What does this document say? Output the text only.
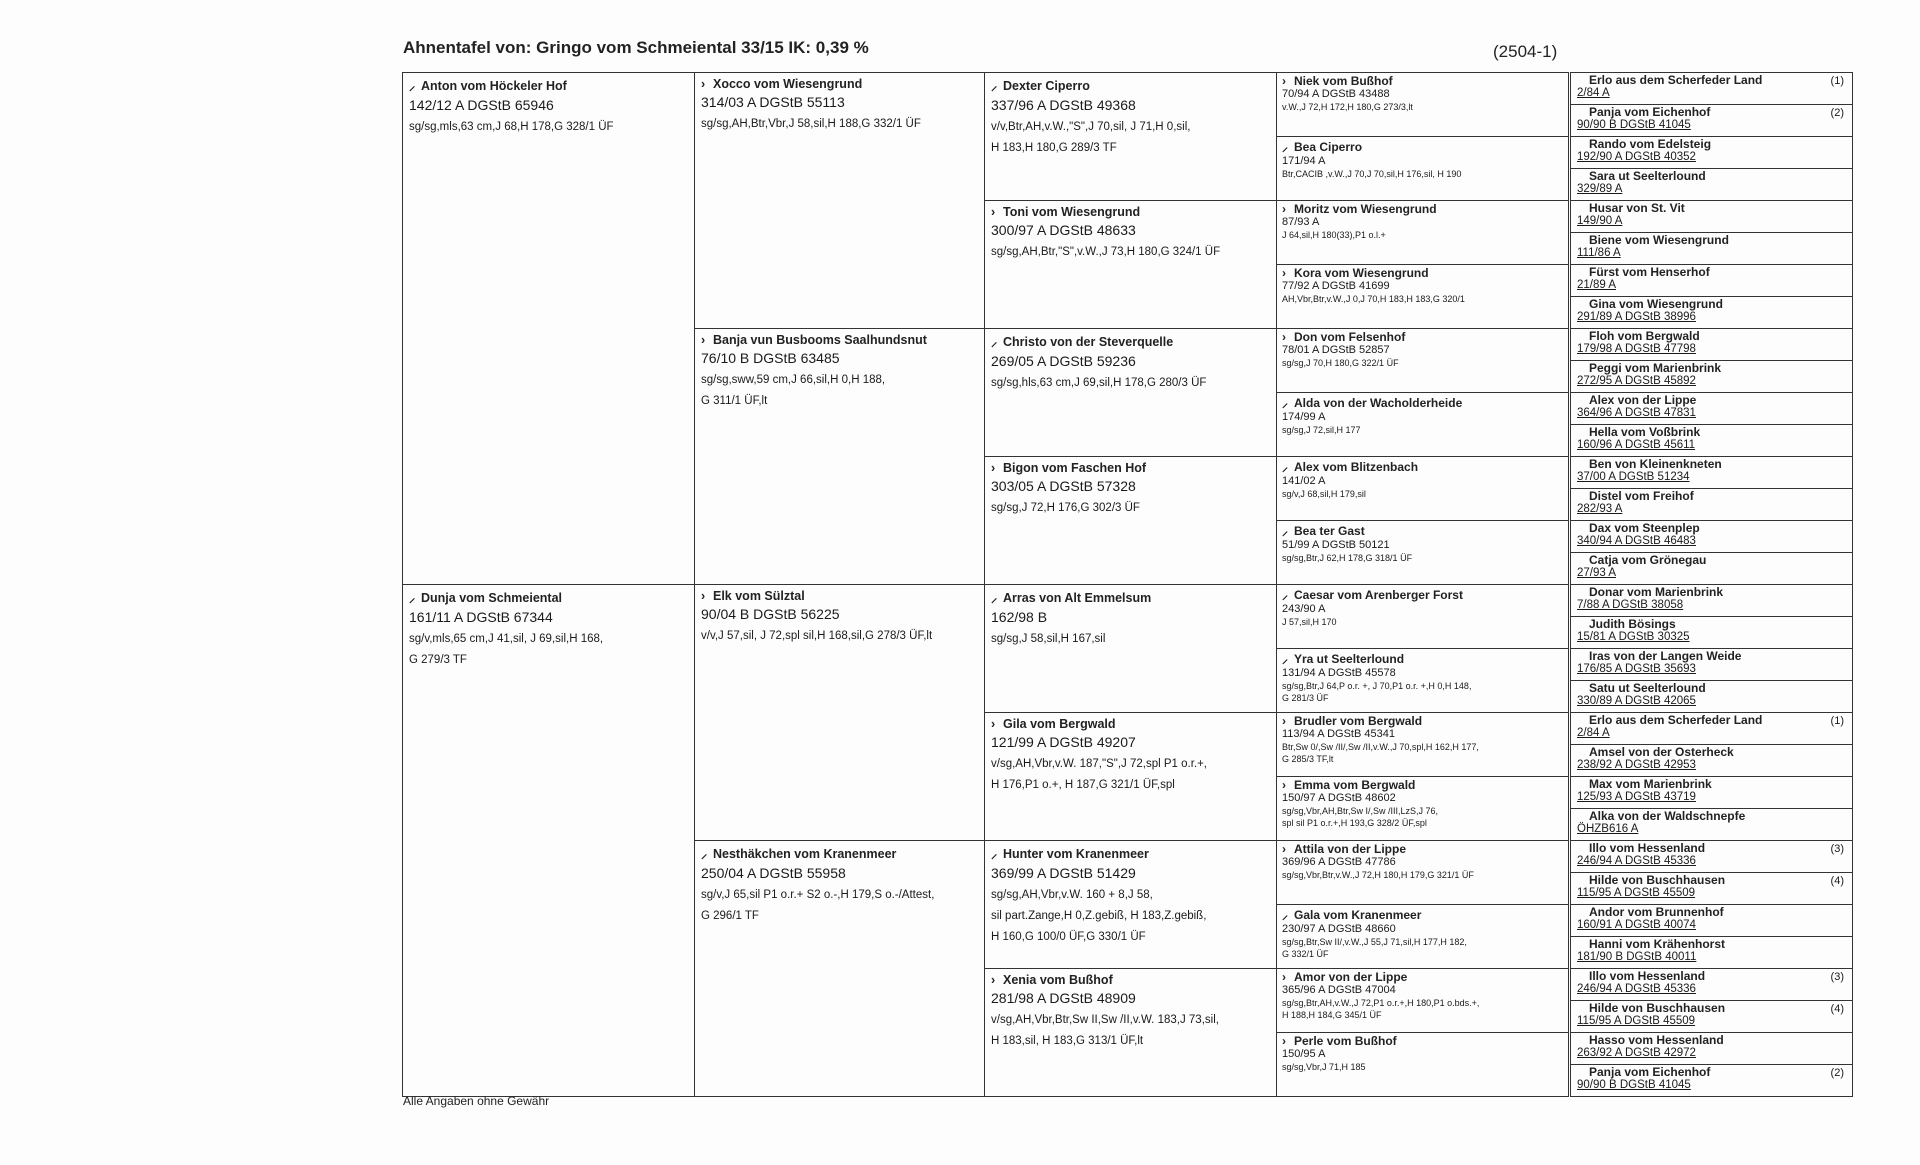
Ahnentafel von: Gringo vom Schmeiental 33/15 IK: 0,39 %	(2504-1)
⸝ Anton vom Höckeler Hof
142/12 A DGStB 65946
sg/sg,mls,63 cm,J 68,H 178,G 328/1 ÜF
⸝ Dunja vom Schmeiental
161/11 A DGStB 67344
sg/v,mls,65 cm,J 41,sil, J 69,sil,H 168,
G 279/3 TF
› Xocco vom Wiesengrund
314/03 A DGStB 55113
sg/sg,AH,Btr,Vbr,J 58,sil,H 188,G 332/1 ÜF
› Banja vun Busbooms Saalhundsnut
76/10 B DGStB 63485
sg/sg,sww,59 cm,J 66,sil,H 0,H 188,
G 311/1 ÜF,lt
› Elk vom Sülztal
90/04 B DGStB 56225
v/v,J 57,sil, J 72,spl sil,H 168,sil,G 278/3 ÜF,lt
⸝ Nesthäkchen vom Kranenmeer
250/04 A DGStB 55958
sg/v,J 65,sil P1 o.r.+ S2 o.-,H 179,S o.-/Attest,
G 296/1 TF
⸝ Dexter Ciperro
337/96 A DGStB 49368
v/v,Btr,AH,v.W.,"S",J 70,sil, J 71,H 0,sil,
H 183,H 180,G 289/3 TF
› Toni vom Wiesengrund
300/97 A DGStB 48633
sg/sg,AH,Btr,"S",v.W.,J 73,H 180,G 324/1 ÜF
⸝ Christo von der Steverquelle
269/05 A DGStB 59236
sg/sg,hls,63 cm,J 69,sil,H 178,G 280/3 ÜF
› Bigon vom Faschen Hof
303/05 A DGStB 57328
sg/sg,J 72,H 176,G 302/3 ÜF
⸝ Arras von Alt Emmelsum
162/98 B
sg/sg,J 58,sil,H 167,sil
› Gila vom Bergwald
121/99 A DGStB 49207
v/sg,AH,Vbr,v.W. 187,"S",J 72,spl P1 o.r.+,
H 176,P1 o.+, H 187,G 321/1 ÜF,spl
⸝ Hunter vom Kranenmeer
369/99 A DGStB 51429
sg/sg,AH,Vbr,v.W. 160 + 8,J 58,
sil part.Zange,H 0,Z.gebiß, H 183,Z.gebiß,
H 160,G 100/0 ÜF,G 330/1 ÜF
› Xenia vom Bußhof
281/98 A DGStB 48909
v/sg,AH,Vbr,Btr,Sw II,Sw /II,v.W. 183,J 73,sil,
H 183,sil, H 183,G 313/1 ÜF,lt
› Niek vom Bußhof
70/94 A DGStB 43488
v.W.,J 72,H 172,H 180,G 273/3,lt
⸝ Bea Ciperro
171/94 A
Btr,CACIB ,v.W.,J 70,J 70,sil,H 176,sil, H 190
› Moritz vom Wiesengrund
87/93 A
J 64,sil,H 180(33),P1 o.l.+
› Kora vom Wiesengrund
77/92 A DGStB 41699
AH,Vbr,Btr,v.W.,J 0,J 70,H 183,H 183,G 320/1
› Don vom Felsenhof
78/01 A DGStB 52857
sg/sg,J 70,H 180,G 322/1 ÜF
⸝ Alda von der Wacholderheide
174/99 A
sg/sg,J 72,sil,H 177
⸝ Alex vom Blitzenbach
141/02 A
sg/v,J 68,sil,H 179,sil
⸝ Bea ter Gast
51/99 A DGStB 50121
sg/sg,Btr,J 62,H 178,G 318/1 ÜF
⸝ Caesar vom Arenberger Forst
243/90 A
J 57,sil,H 170
⸝ Yra ut Seelterlound
131/94 A DGStB 45578
sg/sg,Btr,J 64,P o.r. +, J 70,P1 o.r. +,H 0,H 148,
G 281/3 ÜF
› Brudler vom Bergwald
113/94 A DGStB 45341
Btr,Sw 0/,Sw /II/,Sw /II,v.W.,J 70,spl,H 162,H 177,
G 285/3 TF,lt
› Emma vom Bergwald
150/97 A DGStB 48602
sg/sg,Vbr,AH,Btr,Sw I/,Sw /III,LzS,J 76,
spl sil P1 o.r.+,H 193,G 328/2 ÜF,spl
› Attila von der Lippe
369/96 A DGStB 47786
sg/sg,Vbr,Btr,v.W.,J 72,H 180,H 179,G 321/1 ÜF
⸝ Gala vom Kranenmeer
230/97 A DGStB 48660
sg/sg,Btr,Sw II/,v.W.,J 55,J 71,sil,H 177,H 182,
G 332/1 ÜF
› Amor von der Lippe
365/96 A DGStB 47004
sg/sg,Btr,AH,v.W.,J 72,P1 o.r.+,H 180,P1 o.bds.+,
H 188,H 184,G 345/1 ÜF
› Perle vom Bußhof
150/95 A
sg/sg,Vbr,J 71,H 185
Erlo aus dem Scherfeder Land
2/84 A
(1)
Panja vom Eichenhof
90/90 B DGStB 41045
(2)
Rando vom Edelsteig
192/90 A DGStB 40352
Sara ut Seelterlound
329/89 A
Husar von St. Vit
149/90 A
Biene vom Wiesengrund
111/86 A
Fürst vom Henserhof
21/89 A
Gina vom Wiesengrund
291/89 A DGStB 38996
Floh vom Bergwald
179/98 A DGStB 47798
Peggi vom Marienbrink
272/95 A DGStB 45892
Alex von der Lippe
364/96 A DGStB 47831
Hella vom Voßbrink
160/96 A DGStB 45611
Ben von Kleinenkneten
37/00 A DGStB 51234
Distel vom Freihof
282/93 A
Dax vom Steenplep
340/94 A DGStB 46483
Catja vom Grönegau
27/93 A
Donar vom Marienbrink
7/88 A DGStB 38058
Judith Bösings
15/81 A DGStB 30325
Iras von der Langen Weide
176/85 A DGStB 35693
Satu ut Seelterlound
330/89 A DGStB 42065
Erlo aus dem Scherfeder Land
2/84 A
(1)
Amsel von der Osterheck
238/92 A DGStB 42953
Max vom Marienbrink
125/93 A DGStB 43719
Alka von der Waldschnepfe
ÖHZB616 A
Illo vom Hessenland
246/94 A DGStB 45336
(3)
Hilde von Buschhausen
115/95 A DGStB 45509
(4)
Andor vom Brunnenhof
160/91 A DGStB 40074
Hanni vom Krähenhorst
181/90 B DGStB 40011
Illo vom Hessenland
246/94 A DGStB 45336
(3)
Hilde von Buschhausen
115/95 A DGStB 45509
(4)
Hasso vom Hessenland
263/92 A DGStB 42972
Panja vom Eichenhof
90/90 B DGStB 41045
(2)
Alle Angaben ohne Gewähr
